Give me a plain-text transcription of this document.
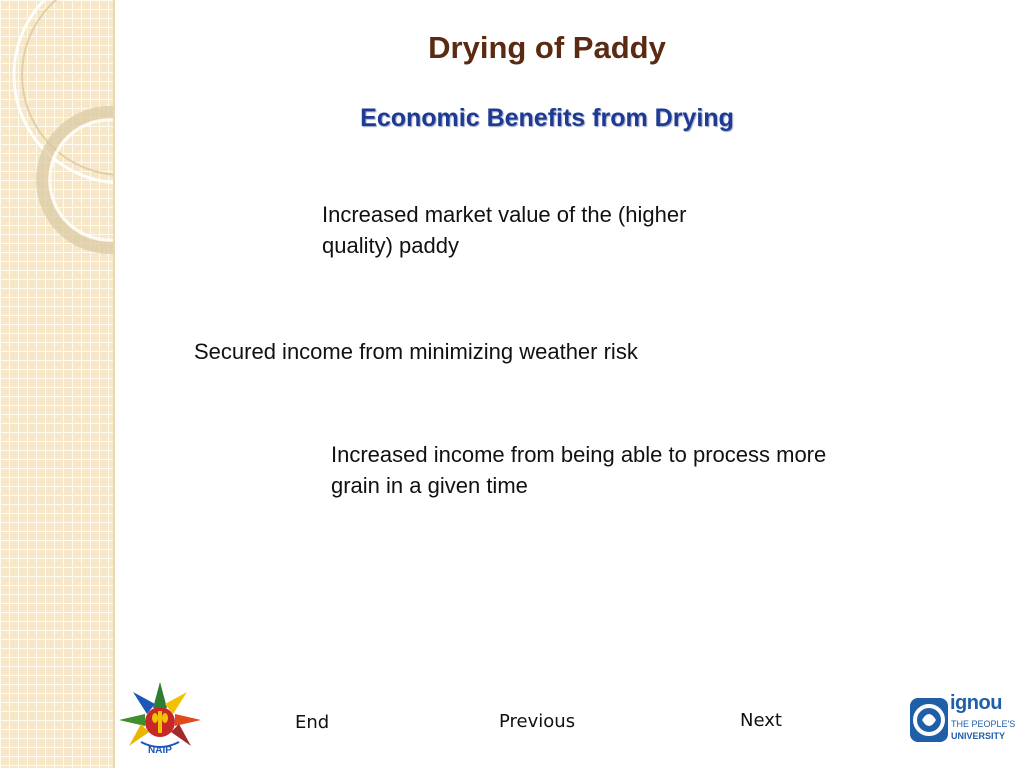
Drying of Paddy
Economic Benefits from Drying

Increased market value of the (higher quality) paddy

Secured income from minimizing weather risk

Increased income from being able to process more grain in a given time

NAIP

End	Previous	Next

ignou

THE PEOPLE'S

UNIVERSITY
